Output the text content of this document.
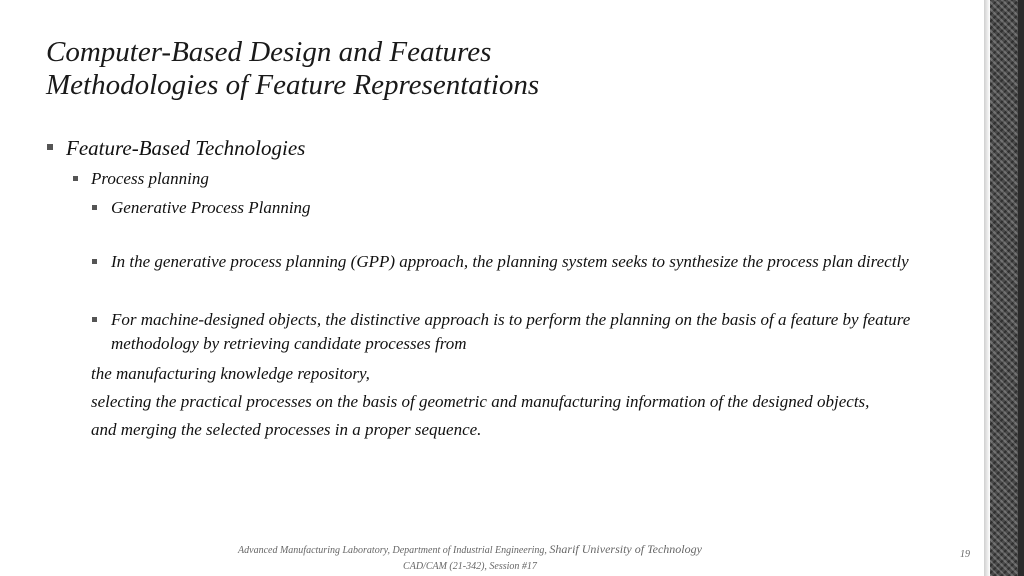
Computer-Based Design and Features
Methodologies of Feature Representations
Feature-Based Technologies
Process planning
Generative Process Planning
In the generative process planning (GPP) approach, the planning system seeks to synthesize the process plan directly
For machine-designed objects, the distinctive approach is to perform the planning on the basis of a feature by feature methodology by retrieving candidate processes from
the manufacturing knowledge repository,
selecting the practical processes on the basis of geometric and manufacturing information of the designed objects,
and merging the selected processes in a proper sequence.
Advanced Manufacturing Laboratory, Department of Industrial Engineering, Sharif University of Technology
CAD/CAM (21-342), Session #17
19
